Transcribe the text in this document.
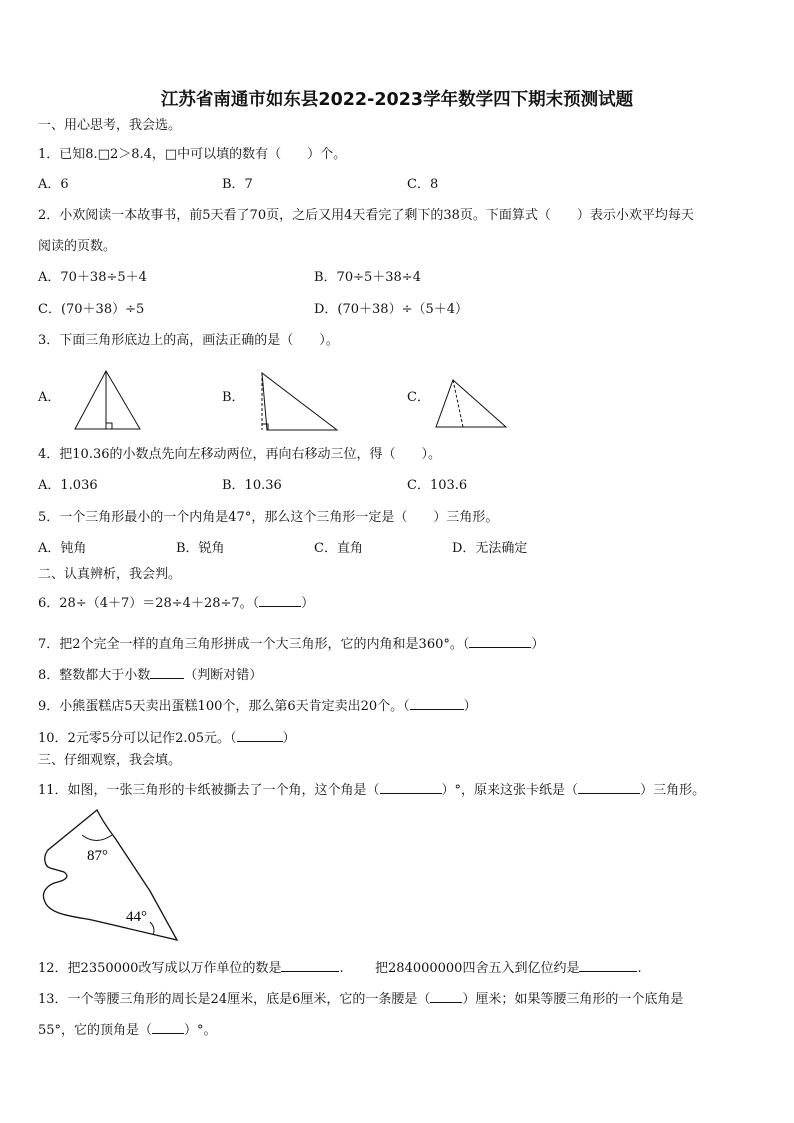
江苏省南通市如东县2022-2023学年数学四下期末预测试题
一、用心思考，我会选。
1．已知8.□2＞8.4，□中可以填的数有（　　）个。
A．6	B．7	C．8
2．小欢阅读一本故事书，前5天看了70页，之后又用4天看完了剩下的38页。下面算式（　　）表示小欢平均每天
阅读的页数。
A．70＋38÷5＋4	B．70÷5＋38÷4
C．(70＋38）÷5	D．(70＋38）÷（5＋4）
3．下面三角形底边上的高，画法正确的是（　　）。
A．	B．	C．
4．把10.36的小数点先向左移动两位，再向右移动三位，得（　　）。
A．1.036	B．10.36	C．103.6
5．一个三角形最小的一个内角是47°，那么这个三角形一定是（　　）三角形。
A．钝角	B．锐角	C．直角	D．无法确定
二、认真辨析，我会判。
6．28÷（4＋7）＝28÷4＋28÷7。（	）
7．把2个完全一样的直角三角形拼成一个大三角形，它的内角和是360°。（	）
8．整数都大于小数	（判断对错）
9．小熊蛋糕店5天卖出蛋糕100个，那么第6天肯定卖出20个。（	）
10．2元零5分可以记作2.05元。（	）
三、仔细观察，我会填。
11．如图，一张三角形的卡纸被撕去了一个角，这个角是（	）°，原来这张卡纸是（	）三角形。
87°
44°
12．把2350000改写成以万作单位的数是	. 把284000000四舍五入到亿位约是	.
13．一个等腰三角形的周长是24厘米，底是6厘米，它的一条腰是（ ）厘米；如果等腰三角形的一个底角是
55°，它的顶角是（ ）°。
